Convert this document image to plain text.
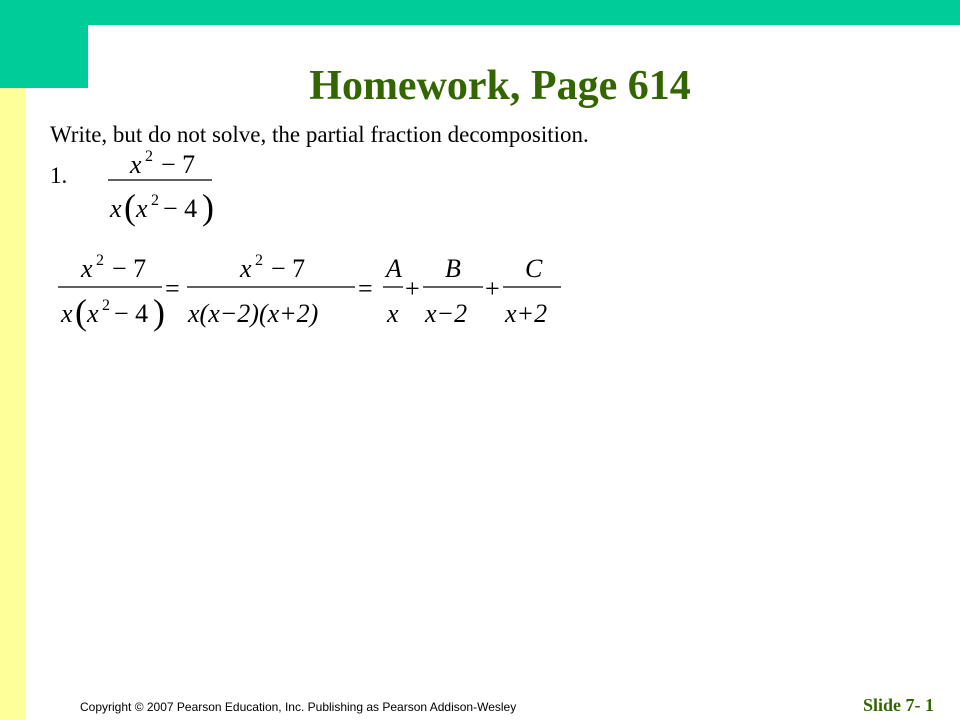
Homework, Page 614
Write, but do not solve, the partial fraction decomposition.
1. x 2 − 7
x ( x 2 − 4 )
x 2 − 7
x ( x 2 − 4 )
=
x 2 − 7
x(x−2)(x+2)
=
A
x
+
B
x−2
+
C
x+2
Copyright © 2007 Pearson Education, Inc. Publishing as Pearson Addison-Wesley	Slide 7- 1
